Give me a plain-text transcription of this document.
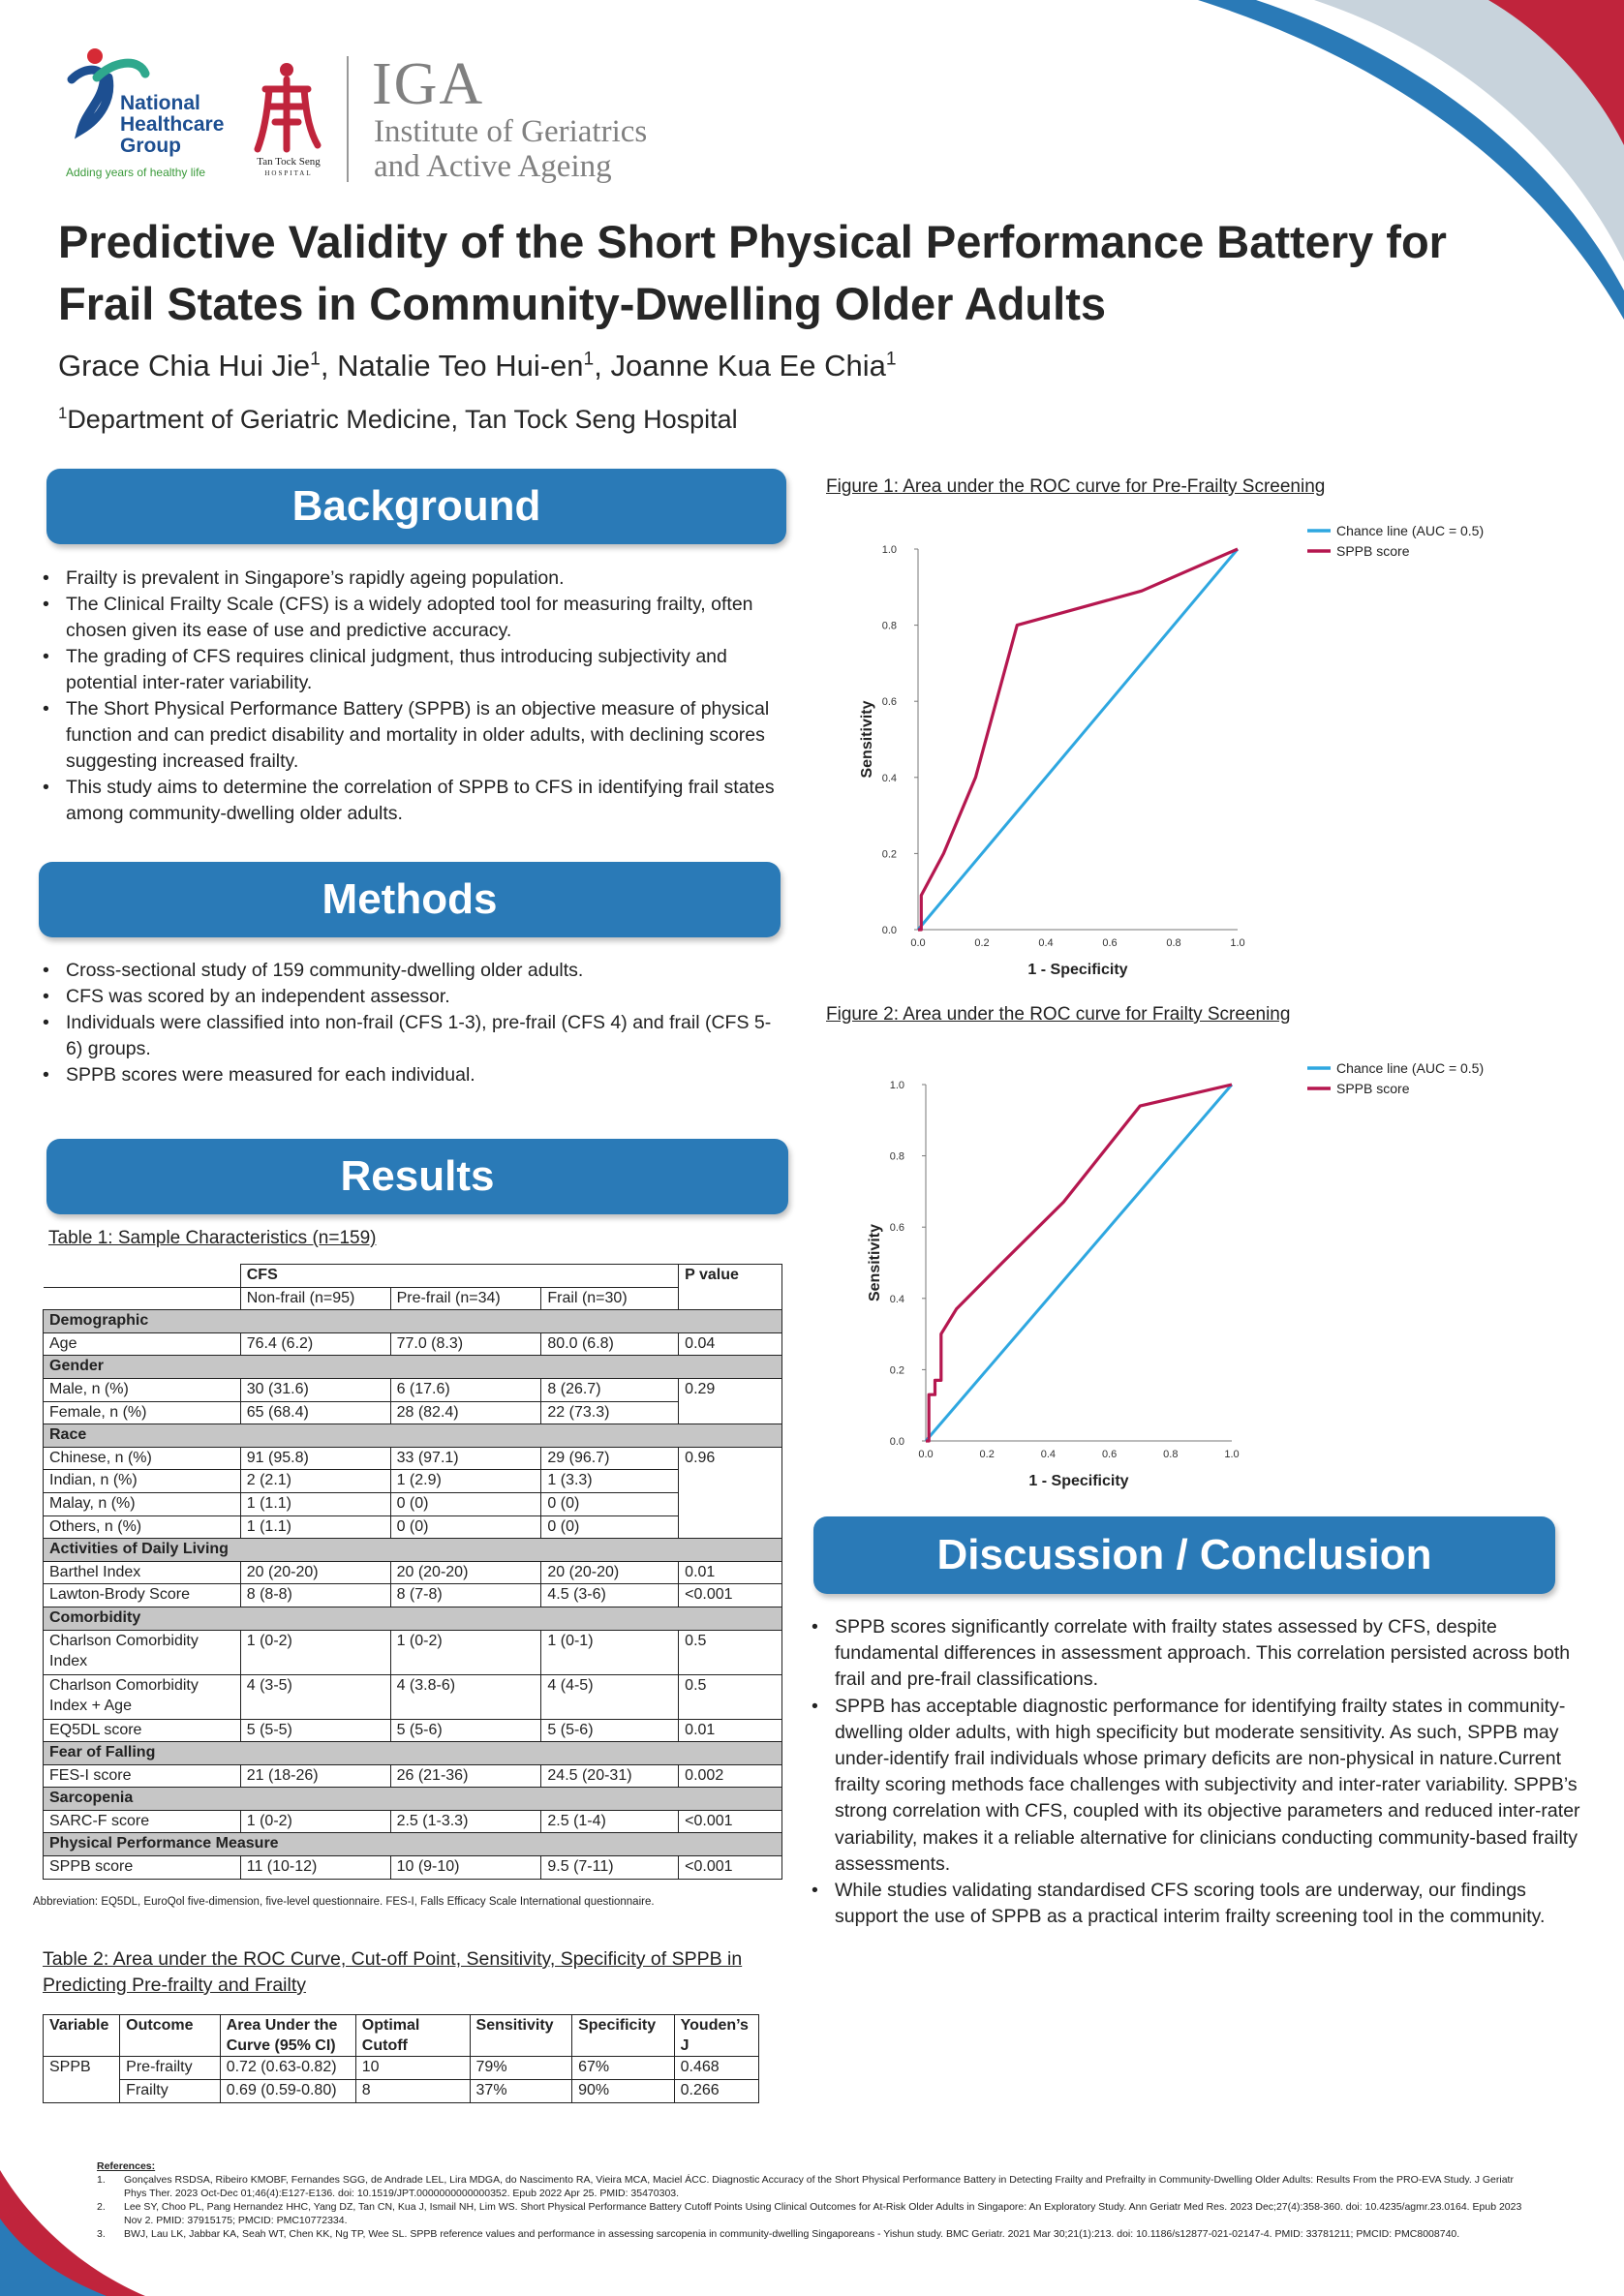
National
Healthcare
Group
Adding years of healthy life
Tan Tock Seng
HOSPITAL
IGA
Institute of Geriatrics
and Active Ageing
Predictive Validity of the Short Physical Performance Battery for Frail States in Community-Dwelling Older Adults
Grace Chia Hui Jie$^1$, Natalie Teo Hui-$en^1$, Joanne Kua Ee Chia$^1$
$^1$Department of Geriatric Medicine, Tan Tock Seng Hospital
Background
• Frailty is prevalent in Singapore’s rapidly ageing population.
• The Clinical Frailty Scale (CFS) is a widely adopted tool for measuring frailty, often chosen given its ease of use and predictive accuracy.
• The grading of CFS requires clinical judgment, thus introducing subjectivity and potential inter-rater variability.
• The Short Physical Performance Battery (SPPB) is an objective measure of physical function and can predict disability and mortality in older adults, with declining scores suggesting increased frailty.
• This study aims to determine the correlation of SPPB to CFS in identifying frail states among community-dwelling older adults.
Methods
• Cross-sectional study of 159 community-dwelling older adults.
• CFS was scored by an independent assessor.
• Individuals were classified into non-frail (CFS 1-3), pre-frail (CFS 4) and frail (CFS 5-6) groups.
• SPPB scores were measured for each individual.
Results
Table 1: Sample Characteristics (n=159)
	CFS			P value
	Non-frail (n=95)	Pre-frail (n=34)	Frail (n=30)	
Demographic				
Age	76.4 (6.2)	77.0 (8.3)	80.0 (6.8)	0.04
Gender				
Male, n (%)	30 (31.6)	6 (17.6)	8 (26.7)	0.29
Female, n (%)	65 (68.4)	28 (82.4)	22 (73.3)	
Race				
Chinese, n (%)	91 (95.8)	33 (97.1)	29 (96.7)	0.96
Indian, n (%)	2 (2.1)	1 (2.9)	1 (3.3)	
Malay, n (%)	1 (1.1)	0 (0)	0 (0)	
Others, n (%)	1 (1.1)	0 (0)	0 (0)	
Activities of Daily Living				
Barthel Index	20 (20-20)	20 (20-20)	20 (20-20)	0.01
Lawton-Brody Score	8 (8-8)	8 (7-8)	4.5 (3-6)	<0.001
Comorbidity				
Charlson Comorbidity Index	1 (0-2)	1 (0-2)	1 (0-1)	0.5
Charlson Comorbidity Index + Age	4 (3-5)	4 (3.8-6)	4 (4-5)	0.5
EQ5DL score	5 (5-5)	5 (5-6)	5 (5-6)	0.01
Fear of Falling				
FES-I score	21 (18-26)	26 (21-36)	24.5 (20-31)	0.002
Sarcopenia				
SARC-F score	1 (0-2)	2.5 (1-3.3)	2.5 (1-4)	<0.001
Physical Performance Measure				
SPPB score	11 (10-12)	10 (9-10)	9.5 (7-11)	<0.001
Abbreviation: EQ5DL, EuroQol five-dimension, five-level questionnaire. FES-I, Falls Efficacy Scale International questionnaire.
Table 2: Area under the ROC Curve, Cut-off Point, Sensitivity, Specificity of SPPB in Predicting Pre-frailty and Frailty
Variable	Outcome	Area Under the Curve (95% CI)	Optimal Cutoff	Sensitivity	Specificity	Youden’s J
SPPB	Pre-frailty	0.72 (0.63-0.82)	10	79%	67%	0.468
	Frailty	0.69 (0.59-0.80)	8	37%	90%	0.266
Figure 1: Area under the ROC curve for Pre-Frailty Screening
0.0
0.0
0.2
0.2
0.4
0.4
0.6
0.6
0.8
0.8
1.0
1.0
1 - Specificity
Sensitivity
Chance line (AUC = 0.5)
SPPB score
Figure 2: Area under the ROC curve for Frailty Screening
0.0
0.0
0.2
0.2
0.4
0.4
0.6
0.6
0.8
0.8
1.0
1.0
1 - Specificity
Sensitivity
Chance line (AUC = 0.5)
SPPB score
Discussion / Conclusion
• SPPB scores significantly correlate with frailty states assessed by CFS, despite fundamental differences in assessment approach. This correlation persisted across both frail and pre-frail classifications.
• SPPB has acceptable diagnostic performance for identifying frailty states in community-dwelling older adults, with high specificity but moderate sensitivity. As such, SPPB may under-identify frail individuals whose primary deficits are non-physical in nature.Current frailty scoring methods face challenges with subjectivity and inter-rater variability. SPPB’s strong correlation with CFS, coupled with its objective parameters and reduced inter-rater variability, makes it a reliable alternative for clinicians conducting community-based frailty assessments.
• While studies validating standardised CFS scoring tools are underway, our findings support the use of SPPB as a practical interim frailty screening tool in the community.
References:
1. Gonçalves RSDSA, Ribeiro KMOBF, Fernandes SGG, de Andrade LEL, Lira MDGA, do Nascimento RA, Vieira MCA, Maciel ÁCC. Diagnostic Accuracy of the Short Physical Performance Battery in Detecting Frailty and Prefrailty in Community-Dwelling Older Adults: Results From the PRO-EVA Study. J Geriatr Phys Ther. 2023 Oct-Dec 01;46(4):E127-E136. doi: 10.1519/JPT.0000000000000352. Epub 2022 Apr 25. PMID: 35470303.
2. Lee SY, Choo PL, Pang Hernandez HHC, Yang DZ, Tan CN, Kua J, Ismail NH, Lim WS. Short Physical Performance Battery Cutoff Points Using Clinical Outcomes for At-Risk Older Adults in Singapore: An Exploratory Study. Ann Geriatr Med Res. 2023 Dec;27(4):358-360. doi: 10.4235/agmr.23.0164. Epub 2023 Nov 2. PMID: 37915175; PMCID: PMC10772334.
3. BWJ, Lau LK, Jabbar KA, Seah WT, Chen KK, Ng TP, Wee SL. SPPB reference values and performance in assessing sarcopenia in community-dwelling Singaporeans - Yishun study. BMC Geriatr. 2021 Mar 30;21(1):213. doi: 10.1186/s12877-021-02147-4. PMID: 33781211; PMCID: PMC8008740.
